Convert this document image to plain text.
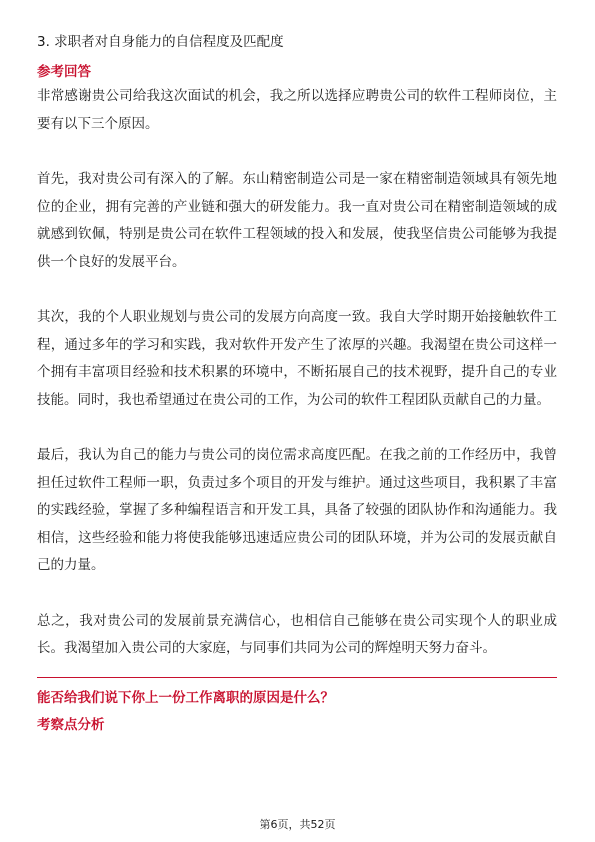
3. 求职者对自身能力的自信程度及匹配度

参考回答

非常感谢贵公司给我这次面试的机会，我之所以选择应聘贵公司的软件工程师岗位，主要有以下三个原因。

首先，我对贵公司有深入的了解。东山精密制造公司是一家在精密制造领域具有领先地位的企业，拥有完善的产业链和强大的研发能力。我一直对贵公司在精密制造领域的成就感到钦佩，特别是贵公司在软件工程领域的投入和发展，使我坚信贵公司能够为我提供一个良好的发展平台。

其次，我的个人职业规划与贵公司的发展方向高度一致。我自大学时期开始接触软件工程，通过多年的学习和实践，我对软件开发产生了浓厚的兴趣。我渴望在贵公司这样一个拥有丰富项目经验和技术积累的环境中，不断拓展自己的技术视野，提升自己的专业技能。同时，我也希望通过在贵公司的工作，为公司的软件工程团队贡献自己的力量。

最后，我认为自己的能力与贵公司的岗位需求高度匹配。在我之前的工作经历中，我曾担任过软件工程师一职，负责过多个项目的开发与维护。通过这些项目，我积累了丰富的实践经验，掌握了多种编程语言和开发工具，具备了较强的团队协作和沟通能力。我相信，这些经验和能力将使我能够迅速适应贵公司的团队环境，并为公司的发展贡献自己的力量。

总之，我对贵公司的发展前景充满信心，也相信自己能够在贵公司实现个人的职业成长。我渴望加入贵公司的大家庭，与同事们共同为公司的辉煌明天努力奋斗。

能否给我们说下你上一份工作离职的原因是什么？

考察点分析

第6页，共52页
